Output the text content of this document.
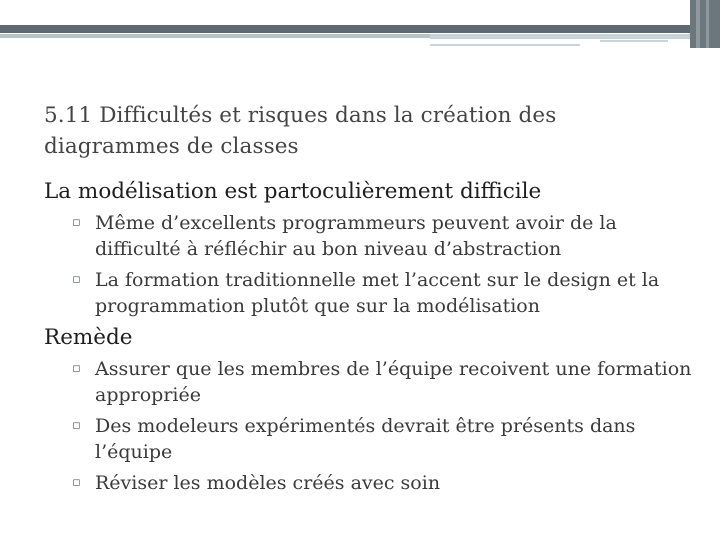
5.11 Difficultés et risques dans la création des diagrammes de classes

La modélisation est partoculièrement difficile

▫ Même d’excellents programmeurs peuvent avoir de la difficulté à réfléchir au bon niveau d’abstraction
▫ La formation traditionnelle met l’accent sur le design et la programmation plutôt que sur la modélisation

Remède

▫ Assurer que les membres de l’équipe recoivent une formation appropriée
▫ Des modeleurs expérimentés devrait être présents dans l’équipe
▫ Réviser les modèles créés avec soin
